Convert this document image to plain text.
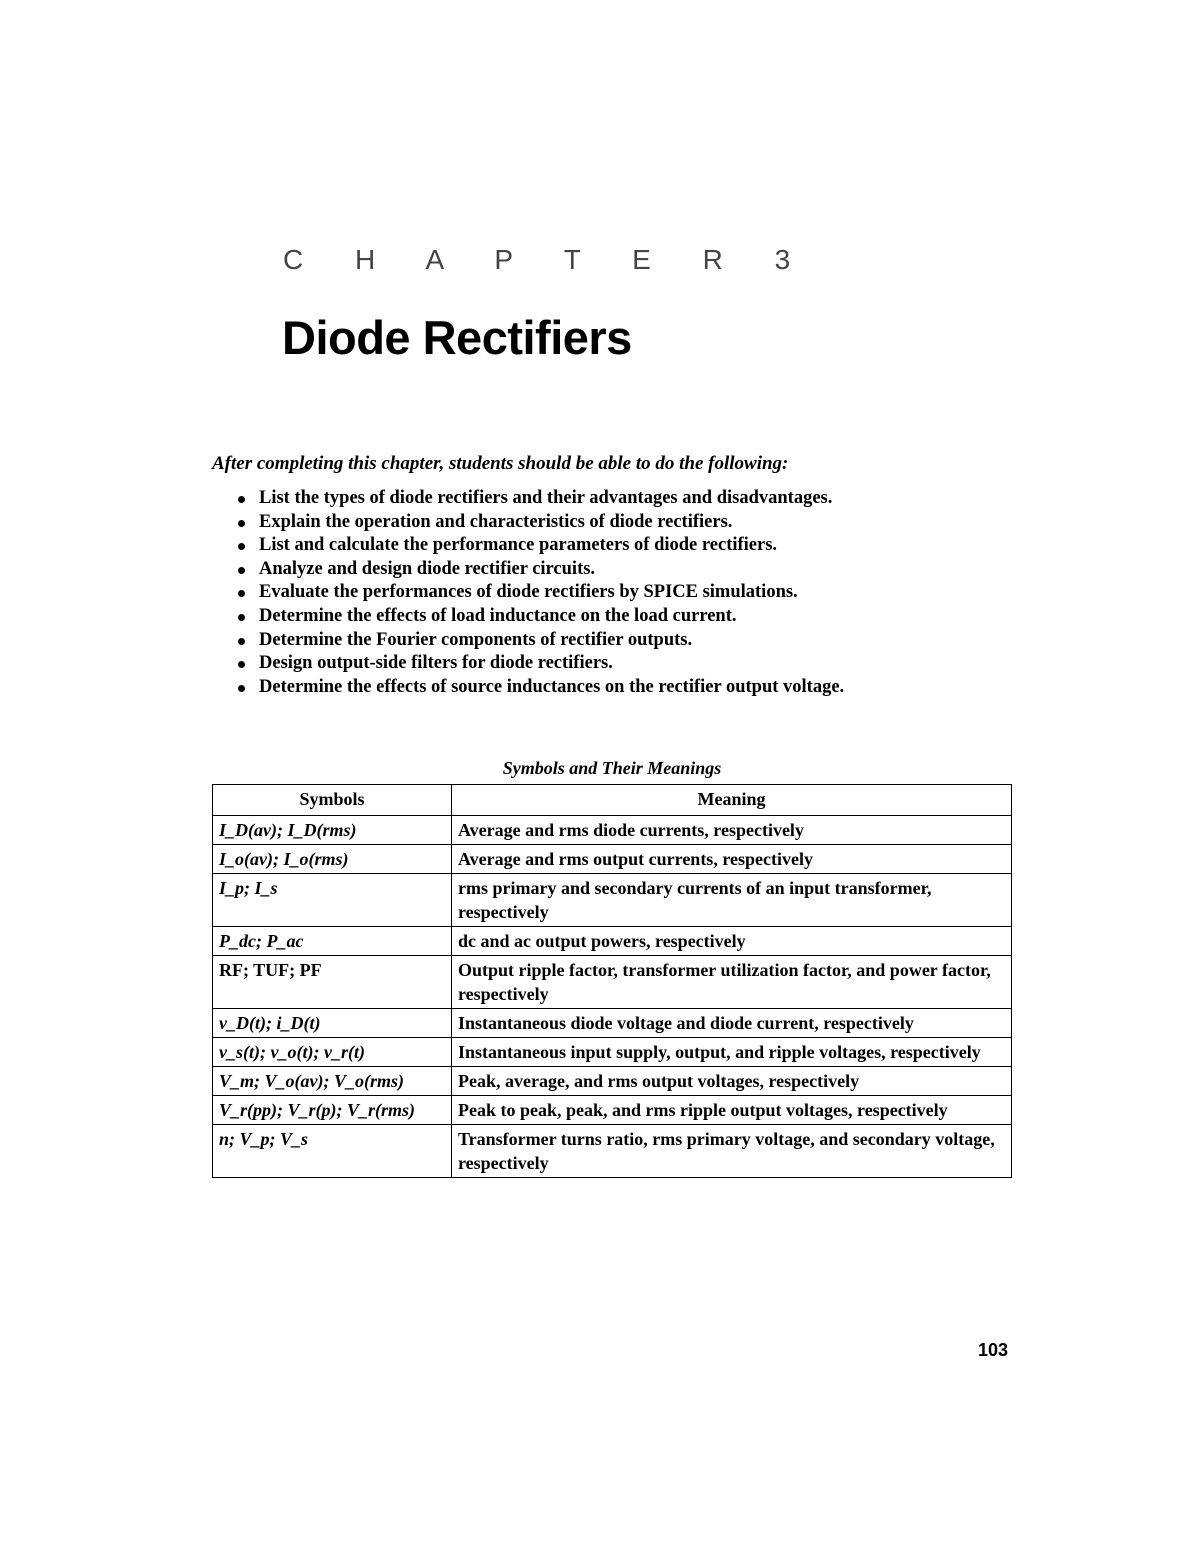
C H A P T E R 3
Diode Rectifiers
After completing this chapter, students should be able to do the following:
List the types of diode rectifiers and their advantages and disadvantages.
Explain the operation and characteristics of diode rectifiers.
List and calculate the performance parameters of diode rectifiers.
Analyze and design diode rectifier circuits.
Evaluate the performances of diode rectifiers by SPICE simulations.
Determine the effects of load inductance on the load current.
Determine the Fourier components of rectifier outputs.
Design output-side filters for diode rectifiers.
Determine the effects of source inductances on the rectifier output voltage.
Symbols and Their Meanings
Symbols	Meaning
I_D(av); I_D(rms)	Average and rms diode currents, respectively
I_o(av); I_o(rms)	Average and rms output currents, respectively
I_p; I_s	rms primary and secondary currents of an input transformer, respectively
P_dc; P_ac	dc and ac output powers, respectively
RF; TUF; PF	Output ripple factor, transformer utilization factor, and power factor, respectively
v_D(t); i_D(t)	Instantaneous diode voltage and diode current, respectively
v_s(t); v_o(t); v_r(t)	Instantaneous input supply, output, and ripple voltages, respectively
V_m; V_o(av); V_o(rms)	Peak, average, and rms output voltages, respectively
V_r(pp); V_r(p); V_r(rms)	Peak to peak, peak, and rms ripple output voltages, respectively
n; V_p; V_s	Transformer turns ratio, rms primary voltage, and secondary voltage, respectively
103
